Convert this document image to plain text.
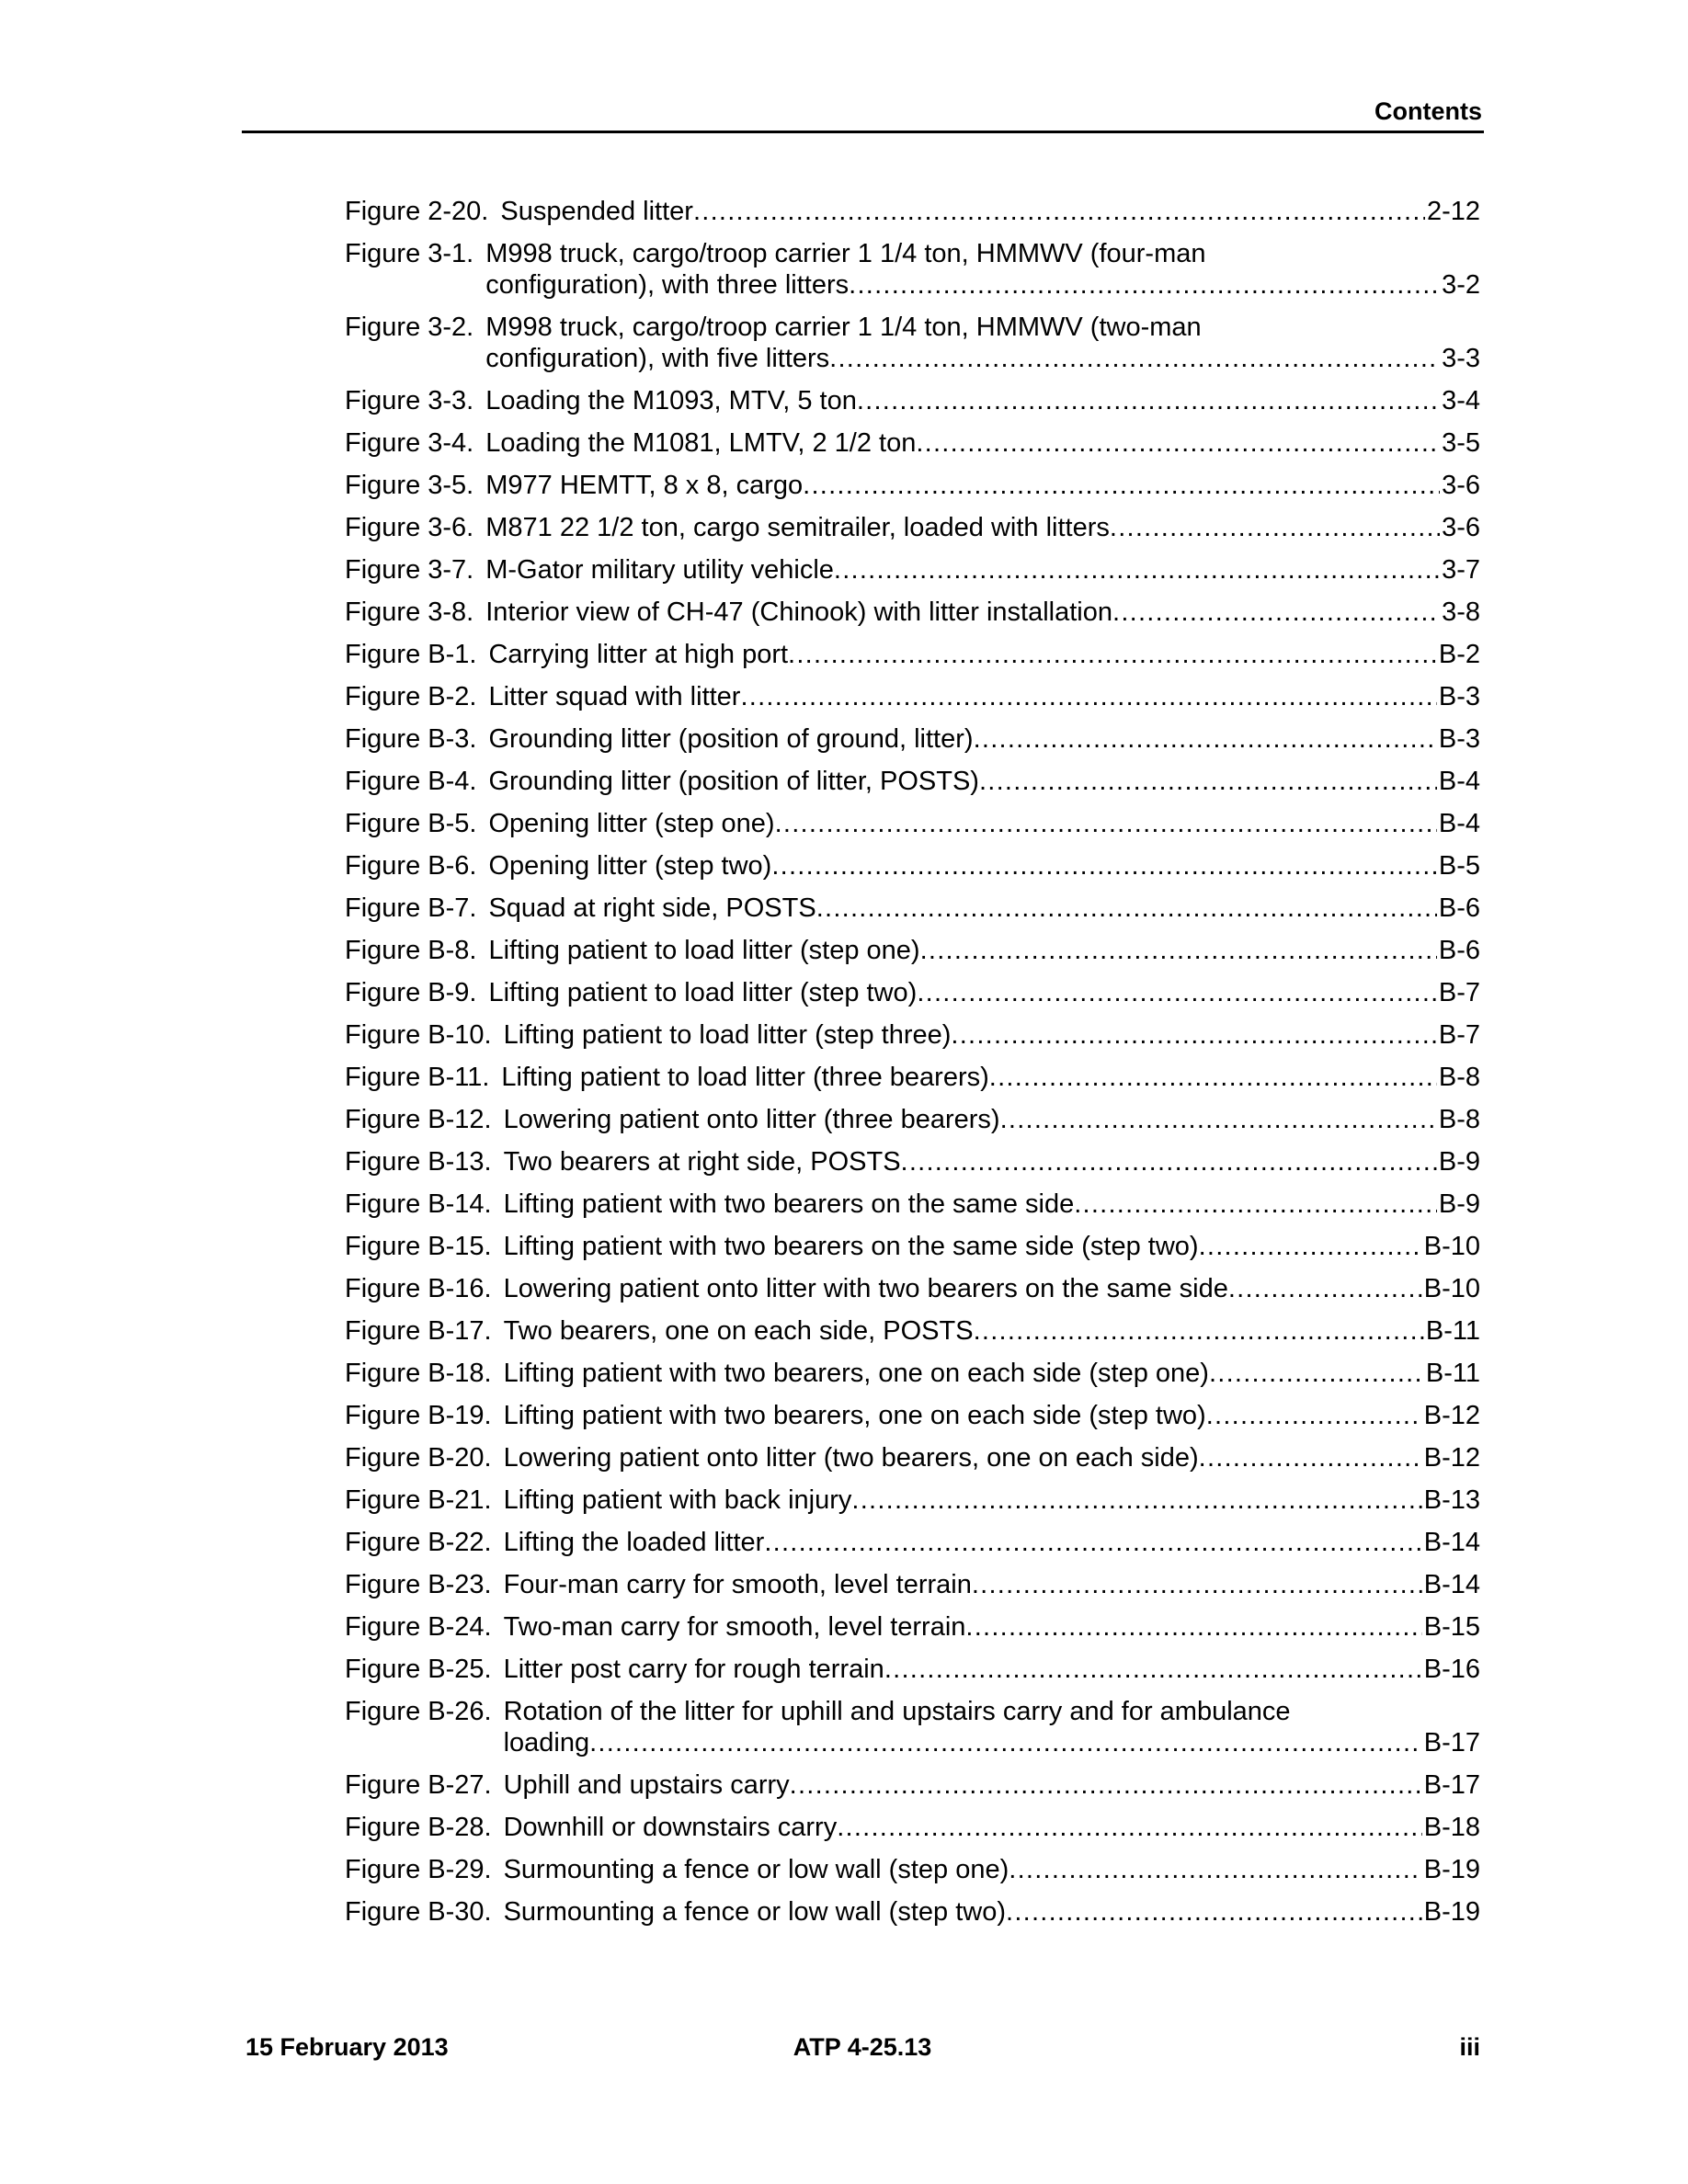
Contents
Figure 2-20. Suspended litter . . .	2-12
Figure 3-1. M998 truck, cargo/troop carrier 1 1/4 ton, HMMWV (four-man
configuration), with three litters . . .	3-2
Figure 3-2. M998 truck, cargo/troop carrier 1 1/4 ton, HMMWV (two-man
configuration), with five litters . . .	3-3
Figure 3-3. Loading the M1093, MTV, 5 ton . . .	3-4
Figure 3-4. Loading the M1081, LMTV, 2 1/2 ton . . .	3-5
Figure 3-5. M977 HEMTT, 8 x 8, cargo . . .	3-6
Figure 3-6. M871 22 1/2 ton, cargo semitrailer, loaded with litters . . .	3-6
Figure 3-7. M-Gator military utility vehicle . . .	3-7
Figure 3-8. Interior view of CH-47 (Chinook) with litter installation . . .	3-8
Figure B-1. Carrying litter at high port . . .	B-2
Figure B-2. Litter squad with litter . . .	B-3
Figure B-3. Grounding litter (position of ground, litter) . . .	B-3
Figure B-4. Grounding litter (position of litter, POSTS) . . .	B-4
Figure B-5. Opening litter (step one) . . .	B-4
Figure B-6. Opening litter (step two) . . .	B-5
Figure B-7. Squad at right side, POSTS . . .	B-6
Figure B-8. Lifting patient to load litter (step one) . . .	B-6
Figure B-9. Lifting patient to load litter (step two) . . .	B-7
Figure B-10. Lifting patient to load litter (step three) . . .	B-7
Figure B-11. Lifting patient to load litter (three bearers) . . .	B-8
Figure B-12. Lowering patient onto litter (three bearers) . . .	B-8
Figure B-13. Two bearers at right side, POSTS . . .	B-9
Figure B-14. Lifting patient with two bearers on the same side . . .	B-9
Figure B-15. Lifting patient with two bearers on the same side (step two) . . .	B-10
Figure B-16. Lowering patient onto litter with two bearers on the same side . . .	B-10
Figure B-17. Two bearers, one on each side, POSTS . . .	B-11
Figure B-18. Lifting patient with two bearers, one on each side (step one) . . .	B-11
Figure B-19. Lifting patient with two bearers, one on each side (step two) . . .	B-12
Figure B-20. Lowering patient onto litter (two bearers, one on each side) . . .	B-12
Figure B-21. Lifting patient with back injury . . .	B-13
Figure B-22. Lifting the loaded litter . . .	B-14
Figure B-23. Four-man carry for smooth, level terrain . . .	B-14
Figure B-24. Two-man carry for smooth, level terrain . . .	B-15
Figure B-25. Litter post carry for rough terrain . . .	B-16
Figure B-26. Rotation of the litter for uphill and upstairs carry and for ambulance
loading . . .	B-17
Figure B-27. Uphill and upstairs carry . . .	B-17
Figure B-28. Downhill or downstairs carry . . .	B-18
Figure B-29. Surmounting a fence or low wall (step one) . . .	B-19
Figure B-30. Surmounting a fence or low wall (step two) . . .	B-19
15 February 2013	ATP 4-25.13	iii
